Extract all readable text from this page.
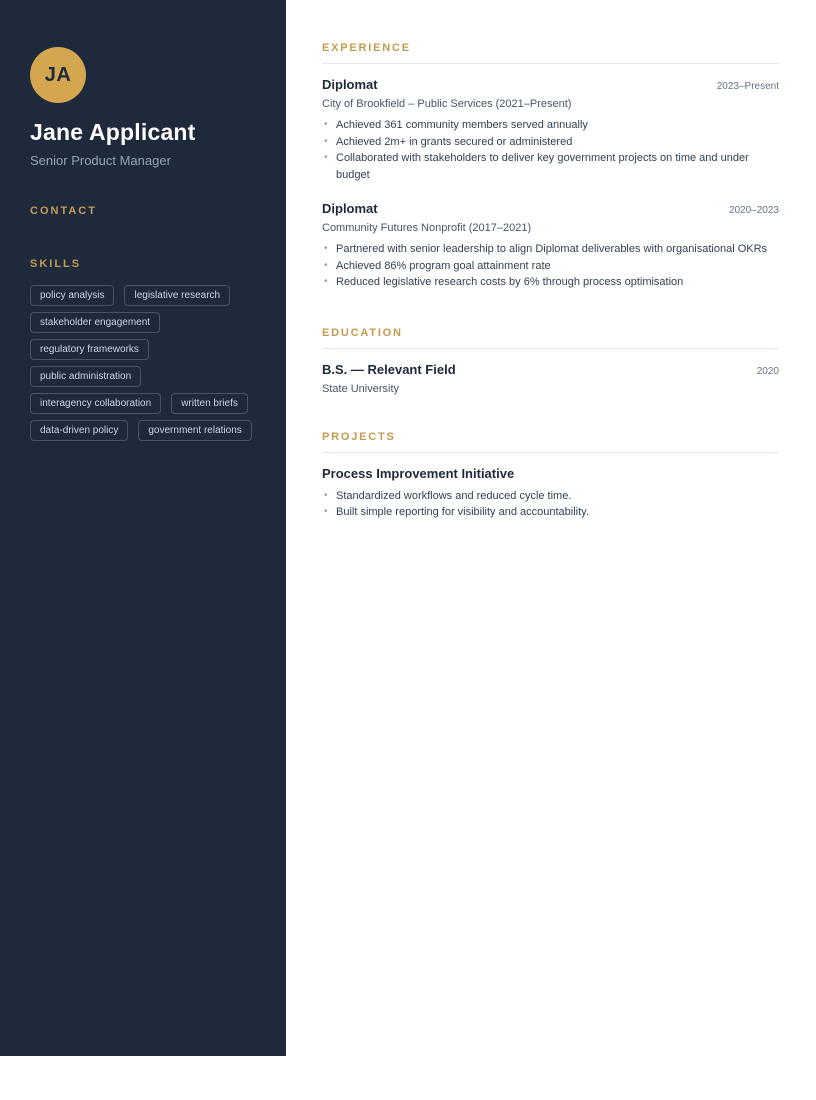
JA
Jane Applicant

Senior Product Manager

CONTACT
SKILLS
policy analysis	legislative research
stakeholder engagement
regulatory frameworks
public administration
interagency collaboration	written briefs
data-driven policy	government relations
EXPERIENCE
Diplomat	2023–Present
City of Brookfield – Public Services (2021–Present)
• Achieved 361 community members served annually
• Achieved 2m+ in grants secured or administered
• Collaborated with stakeholders to deliver key government projects on time and under budget
Diplomat	2020–2023
Community Futures Nonprofit (2017–2021)
• Partnered with senior leadership to align Diplomat deliverables with organisational OKRs
• Achieved 86% program goal attainment rate
• Reduced legislative research costs by 6% through process optimisation
EDUCATION
B.S. — Relevant Field	2020
State University
PROJECTS
Process Improvement Initiative
• Standardized workflows and reduced cycle time.
• Built simple reporting for visibility and accountability.
